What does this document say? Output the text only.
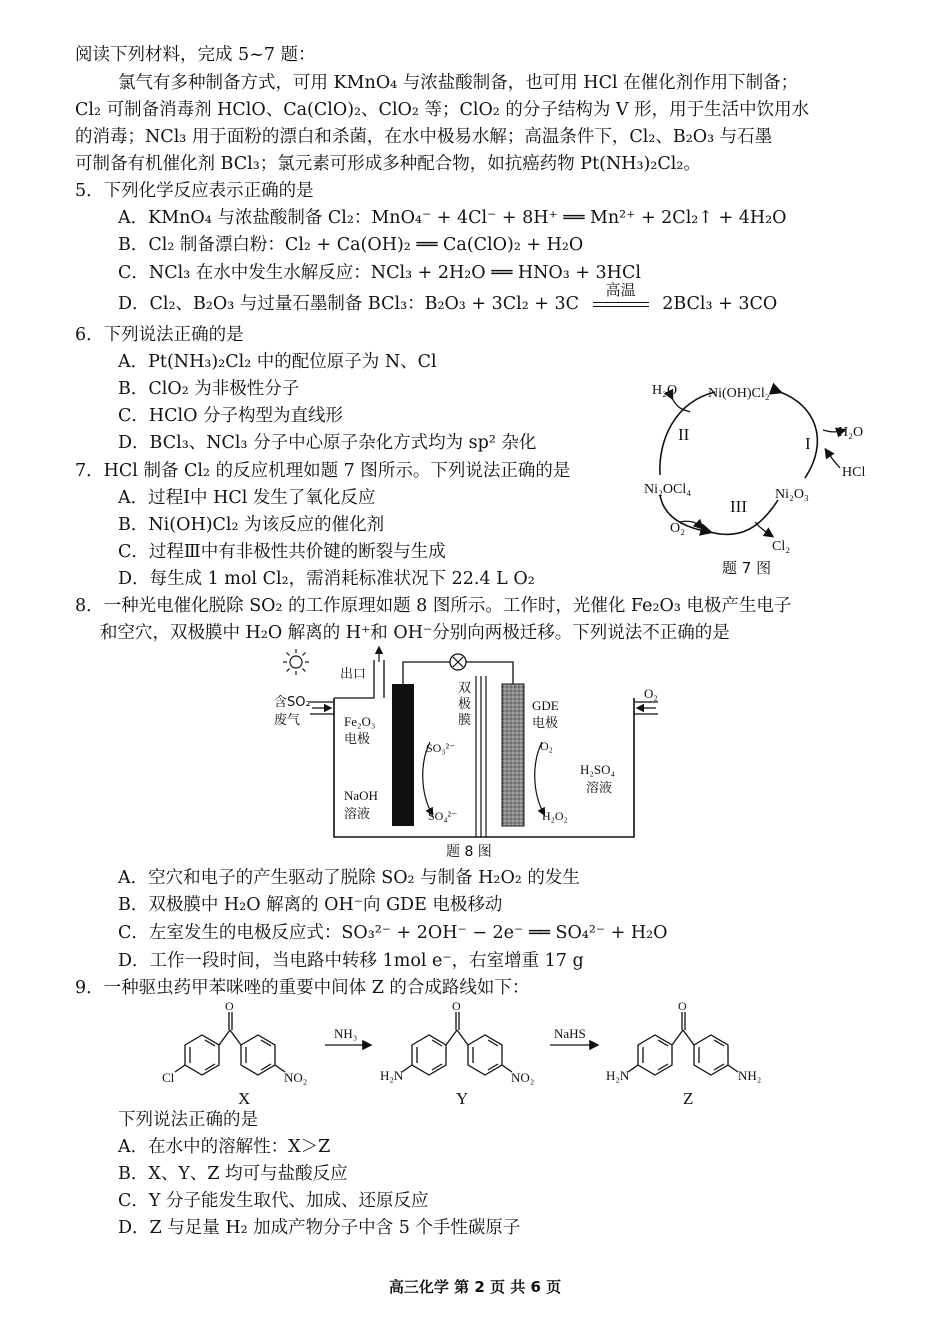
阅读下列材料，完成 5~7 题：
氯气有多种制备方式，可用 KMnO₄ 与浓盐酸制备，也可用 HCl 在催化剂作用下制备；
Cl₂ 可制备消毒剂 HClO、Ca(ClO)₂、ClO₂ 等；ClO₂ 的分子结构为 V 形，用于生活中饮用水
的消毒；NCl₃ 用于面粉的漂白和杀菌，在水中极易水解；高温条件下，Cl₂、B₂O₃ 与石墨
可制备有机催化剂 BCl₃；氯元素可形成多种配合物，如抗癌药物 Pt(NH₃)₂Cl₂。
5．下列化学反应表示正确的是
A．KMnO₄ 与浓盐酸制备 Cl₂：MnO₄⁻ + 4Cl⁻ + 8H⁺ ══ Mn²⁺ + 2Cl₂↑ + 4H₂O
B．Cl₂ 制备漂白粉：Cl₂ + Ca(OH)₂ ══ Ca(ClO)₂ + H₂O
C．NCl₃ 在水中发生水解反应：NCl₃ + 2H₂O ══ HNO₃ + 3HCl
D．Cl₂、B₂O₃ 与过量石墨制备 BCl₃：B₂O₃ + 3Cl₂ + 3C
高温
2BCl₃ + 3CO
6．下列说法正确的是
A．Pt(NH₃)₂Cl₂ 中的配位原子为 N、Cl
B．ClO₂ 为非极性分子
C．HClO 分子构型为直线形
D．BCl₃、NCl₃ 分子中心原子杂化方式均为 sp² 杂化
7．HCl 制备 Cl₂ 的反应机理如题 7 图所示。下列说法正确的是
A．过程Ⅰ中 HCl 发生了氧化反应
B．Ni(OH)Cl₂ 为该反应的催化剂
C．过程Ⅲ中有非极性共价键的断裂与生成
D．每生成 1 mol Cl₂，需消耗标准状况下 22.4 L O₂
H₂O Ni(OH)Cl₂
H₂O
HCl
Ni₂OCl₄	Ni₂O₃
O₂
Cl₂
I
II
III
题 7 图
8．一种光电催化脱除 SO₂ 的工作原理如题 8 图所示。工作时，光催化 Fe₂O₃ 电极产生电子
和空穴，双极膜中 H₂O 解离的 H⁺和 OH⁻分别向两极迁移。下列说法不正确的是
出口
含SO₂
废气	Fe₂O₃
电极
SO₃²⁻
SO₄²⁻
NaOH
溶液
双
极
膜
GDE
电极
O₂
O₂
H₂O₂
H₂SO₄
溶液
题 8 图
A．空穴和电子的产生驱动了脱除 SO₂ 与制备 H₂O₂ 的发生
B．双极膜中 H₂O 解离的 OH⁻向 GDE 电极移动
C．左室发生的电极反应式：SO₃²⁻ + 2OH⁻ − 2e⁻ ══ SO₄²⁻ + H₂O
D．工作一段时间，当电路中转移 1mol e⁻，右室增重 17 g
9．一种驱虫药甲苯咪唑的重要中间体 Z 的合成路线如下：
O	O	O
Cl	NO₂	H₂N	NO₂	H₂N	NH₂
NH₃	NaHS
X	Y	Z
下列说法正确的是
A．在水中的溶解性：X＞Z
B．X、Y、Z 均可与盐酸反应
C．Y 分子能发生取代、加成、还原反应
D．Z 与足量 H₂ 加成产物分子中含 5 个手性碳原子
高三化学 第 2 页 共 6 页
